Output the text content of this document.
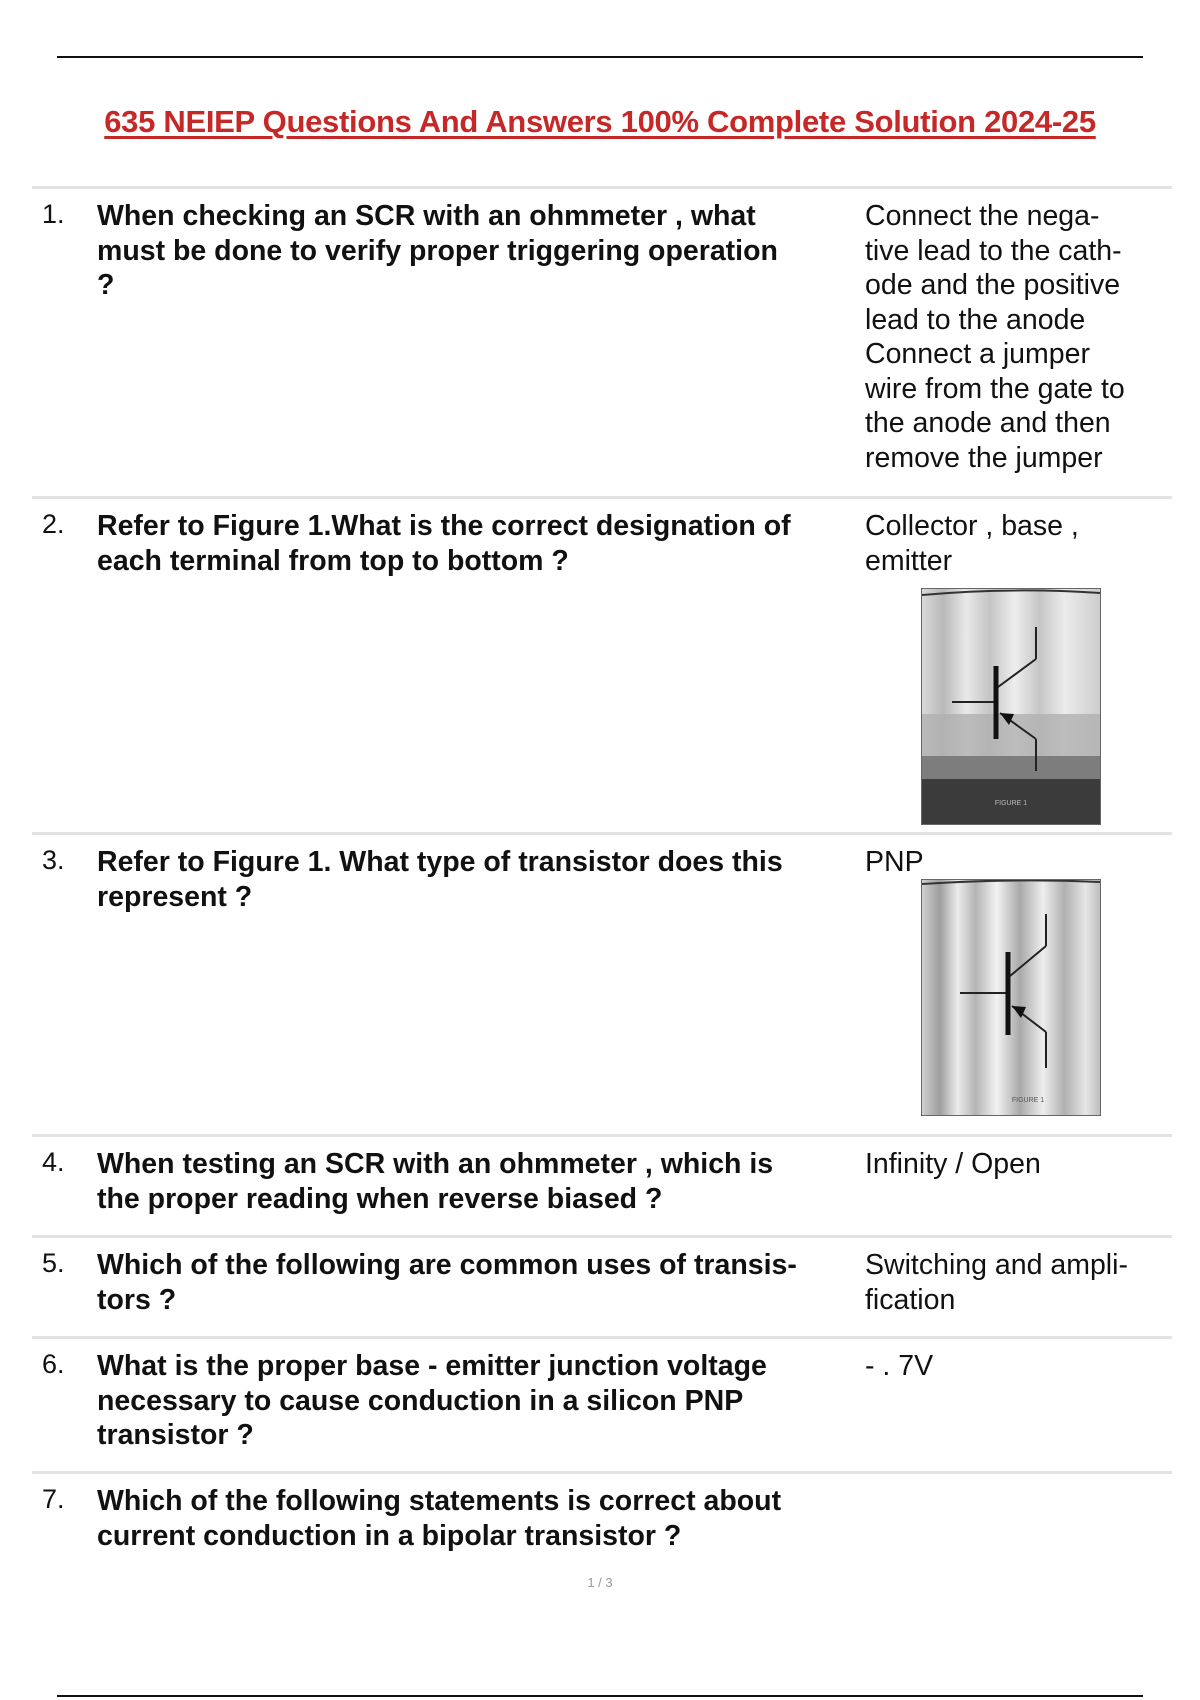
635 NEIEP Questions And Answers 100% Complete Solution 2024-25
1. When checking an SCR with an ohmmeter , what
must be done to verify proper triggering operation
?
Connect the nega-
tive lead to the cath-
ode and the positive
lead to the anode
Connect a jumper
wire from the gate to
the anode and then
remove the jumper
2. Refer to Figure 1.What is the correct designation of
each terminal from top to bottom ?
Collector , base ,
emitter
FIGURE 1
3. Refer to Figure 1. What type of transistor does this
represent ?
PNP
FIGURE 1
4. When testing an SCR with an ohmmeter , which is
the proper reading when reverse biased ?
Infinity / Open
5. Which of the following are common uses of transis-
tors ?
Switching and ampli-
fication
6. What is the proper base - emitter junction voltage
necessary to cause conduction in a silicon PNP
transistor ?
- . 7V
7. Which of the following statements is correct about
current conduction in a bipolar transistor ?
1 / 3
